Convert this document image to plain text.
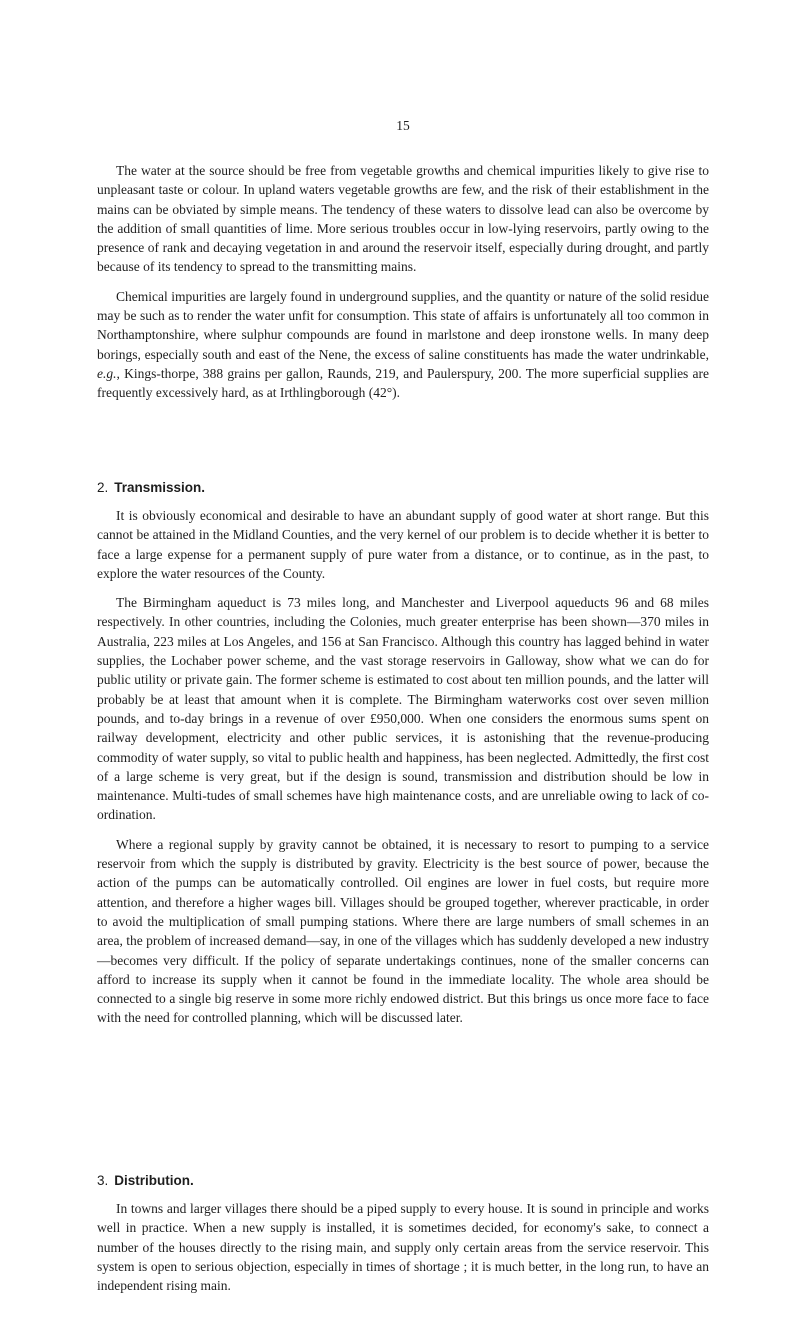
15

The water at the source should be free from vegetable growths and chemical impurities likely to give rise to unpleasant taste or colour. In upland waters vegetable growths are few, and the risk of their establishment in the mains can be obviated by simple means. The tendency of these waters to dissolve lead can also be overcome by the addition of small quantities of lime. More serious troubles occur in low-lying reservoirs, partly owing to the presence of rank and decaying vegetation in and around the reservoir itself, especially during drought, and partly because of its tendency to spread to the transmitting mains.

Chemical impurities are largely found in underground supplies, and the quantity or nature of the solid residue may be such as to render the water unfit for consumption. This state of affairs is unfortunately all too common in Northamptonshire, where sulphur compounds are found in marlstone and deep ironstone wells. In many deep borings, especially south and east of the Nene, the excess of saline constituents has made the water undrinkable, e.g., Kings-thorpe, 388 grains per gallon, Raunds, 219, and Paulerspury, 200. The more superficial supplies are frequently excessively hard, as at Irthlingborough (42°).

2. Transmission.

It is obviously economical and desirable to have an abundant supply of good water at short range. But this cannot be attained in the Midland Counties, and the very kernel of our problem is to decide whether it is better to face a large expense for a permanent supply of pure water from a distance, or to continue, as in the past, to explore the water resources of the County.

The Birmingham aqueduct is 73 miles long, and Manchester and Liverpool aqueducts 96 and 68 miles respectively. In other countries, including the Colonies, much greater enterprise has been shown—370 miles in Australia, 223 miles at Los Angeles, and 156 at San Francisco. Although this country has lagged behind in water supplies, the Lochaber power scheme, and the vast storage reservoirs in Galloway, show what we can do for public utility or private gain. The former scheme is estimated to cost about ten million pounds, and the latter will probably be at least that amount when it is complete. The Birmingham waterworks cost over seven million pounds, and to-day brings in a revenue of over £950,000. When one considers the enormous sums spent on railway development, electricity and other public services, it is astonishing that the revenue-producing commodity of water supply, so vital to public health and happiness, has been neglected. Admittedly, the first cost of a large scheme is very great, but if the design is sound, transmission and distribution should be low in maintenance. Multi-tudes of small schemes have high maintenance costs, and are unreliable owing to lack of co-ordination.

Where a regional supply by gravity cannot be obtained, it is necessary to resort to pumping to a service reservoir from which the supply is distributed by gravity. Electricity is the best source of power, because the action of the pumps can be automatically controlled. Oil engines are lower in fuel costs, but require more attention, and therefore a higher wages bill. Villages should be grouped together, wherever practicable, in order to avoid the multiplication of small pumping stations. Where there are large numbers of small schemes in an area, the problem of increased demand—say, in one of the villages which has suddenly developed a new industry—becomes very difficult. If the policy of separate undertakings continues, none of the smaller concerns can afford to increase its supply when it cannot be found in the immediate locality. The whole area should be connected to a single big reserve in some more richly endowed district. But this brings us once more face to face with the need for controlled planning, which will be discussed later.

3. Distribution.

In towns and larger villages there should be a piped supply to every house. It is sound in principle and works well in practice. When a new supply is installed, it is sometimes decided, for economy's sake, to connect a number of the houses directly to the rising main, and supply only certain areas from the service reservoir. This system is open to serious objection, especially in times of shortage ; it is much better, in the long run, to have an independent rising main.
